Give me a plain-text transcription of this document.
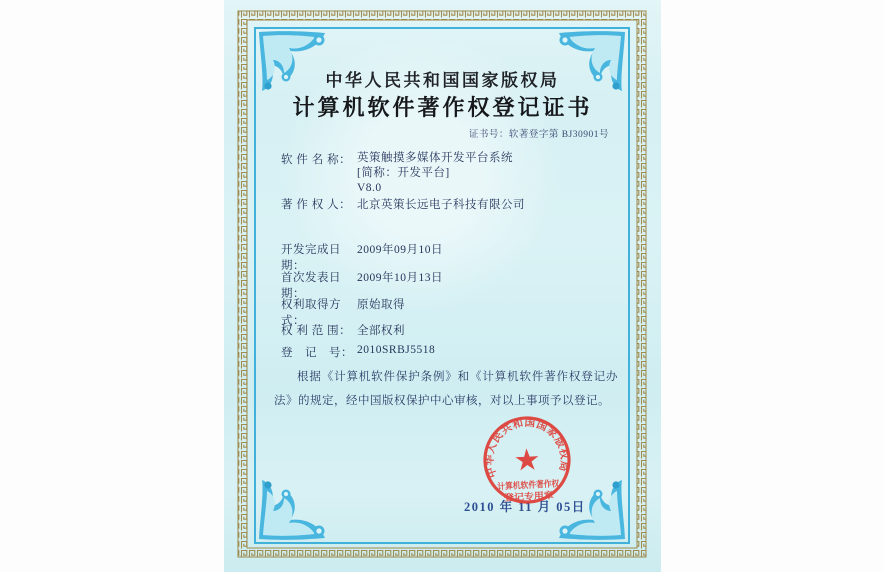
中华人民共和国国家版权局
计算机软件著作权登记证书
证书号：软著登字第 BJ30901号
软 件 名 称： 英策触摸多媒体开发平台系统
[简称：开发平台]
V8.0
著 作 权 人： 北京英策长远电子科技有限公司
开发完成日期：2009年09月10日
首次发表日期：2009年10月13日
权利取得方式：原始取得
权 利 范 围： 全部权利
登　记　号： 2010SRBJ5518

根据《计算机软件保护条例》和《计算机软件著作权登记办法》的规定，经中国版权保护中心审核，对以上事项予以登记。

2010 年 11 月 05日
中华人民共和国国家版权局
★
计算机软件著作权
登记专用章
